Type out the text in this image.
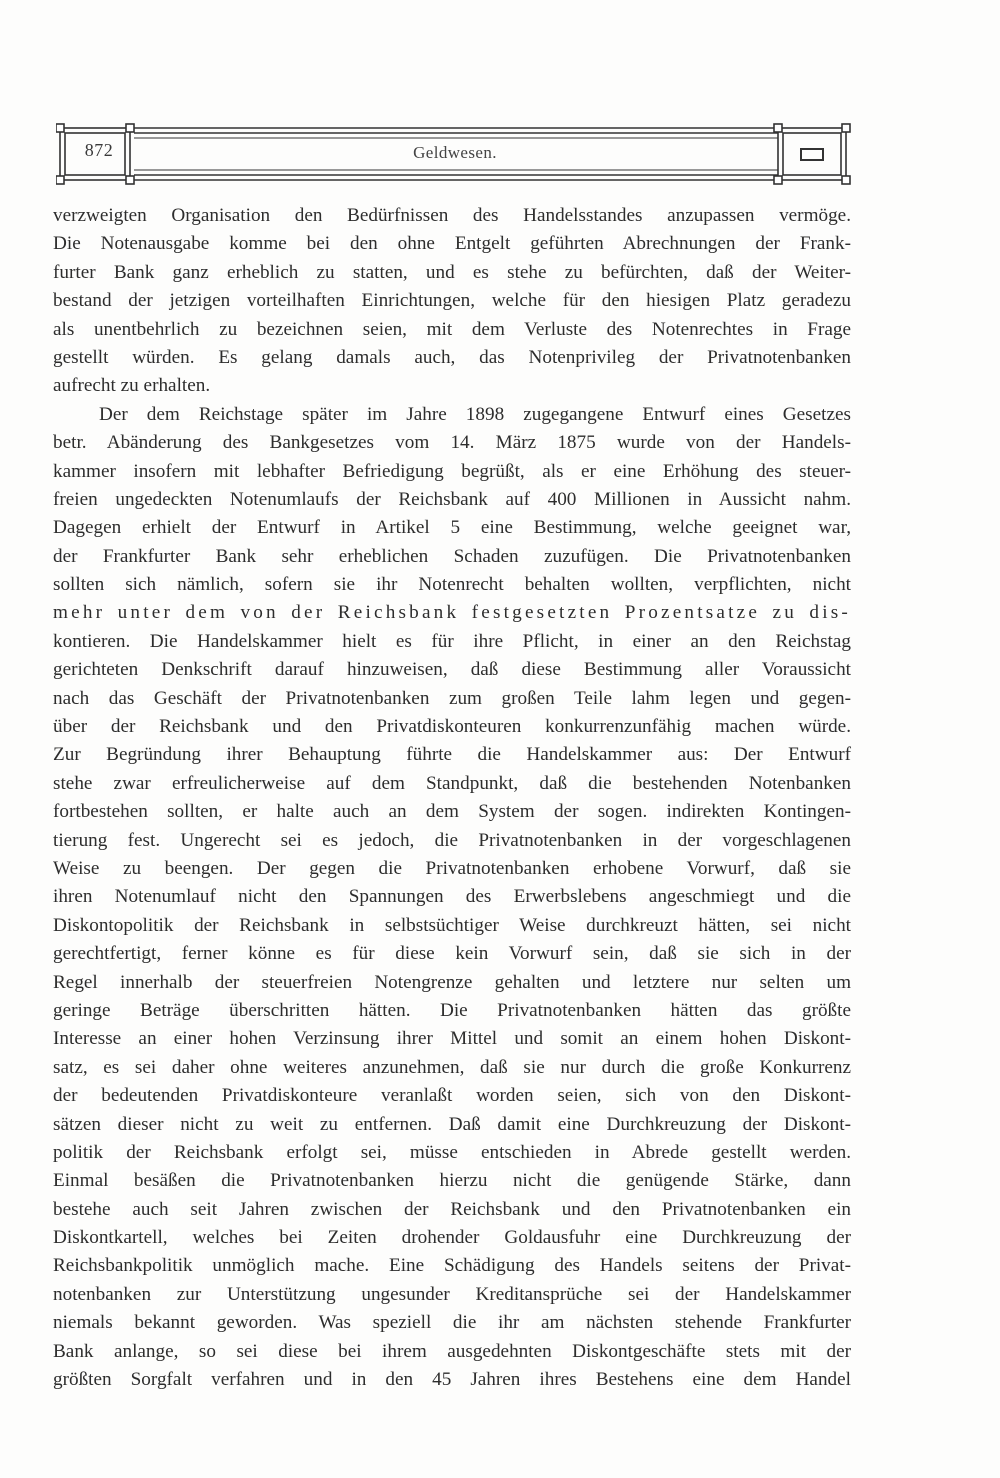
872	Geldwesen.
verzweigten Organisation den Bedürfnissen des Handelsstandes anzupassen vermöge.
Die Notenausgabe komme bei den ohne Entgelt geführten Abrechnungen der Frank-
furter Bank ganz erheblich zu statten, und es stehe zu befürchten, daß der Weiter-
bestand der jetzigen vorteilhaften Einrichtungen, welche für den hiesigen Platz geradezu
als unentbehrlich zu bezeichnen seien, mit dem Verluste des Notenrechtes in Frage
gestellt würden. Es gelang damals auch, das Notenprivileg der Privatnotenbanken
aufrecht zu erhalten.
Der dem Reichstage später im Jahre 1898 zugegangene Entwurf eines Gesetzes
betr. Abänderung des Bankgesetzes vom 14. März 1875 wurde von der Handels-
kammer insofern mit lebhafter Befriedigung begrüßt, als er eine Erhöhung des steuer-
freien ungedeckten Notenumlaufs der Reichsbank auf 400 Millionen in Aussicht nahm.
Dagegen erhielt der Entwurf in Artikel 5 eine Bestimmung, welche geeignet war,
der Frankfurter Bank sehr erheblichen Schaden zuzufügen. Die Privatnotenbanken
sollten sich nämlich, sofern sie ihr Notenrecht behalten wollten, verpflichten, nicht
mehr unter dem von der Reichsbank festgesetzten Prozentsatze zu dis-
kontieren. Die Handelskammer hielt es für ihre Pflicht, in einer an den Reichstag
gerichteten Denkschrift darauf hinzuweisen, daß diese Bestimmung aller Voraussicht
nach das Geschäft der Privatnotenbanken zum großen Teile lahm legen und gegen-
über der Reichsbank und den Privatdiskonteuren konkurrenzunfähig machen würde.
Zur Begründung ihrer Behauptung führte die Handelskammer aus: Der Entwurf
stehe zwar erfreulicherweise auf dem Standpunkt, daß die bestehenden Notenbanken
fortbestehen sollten, er halte auch an dem System der sogen. indirekten Kontingen-
tierung fest. Ungerecht sei es jedoch, die Privatnotenbanken in der vorgeschlagenen
Weise zu beengen. Der gegen die Privatnotenbanken erhobene Vorwurf, daß sie
ihren Notenumlauf nicht den Spannungen des Erwerbslebens angeschmiegt und die
Diskontopolitik der Reichsbank in selbstsüchtiger Weise durchkreuzt hätten, sei nicht
gerechtfertigt, ferner könne es für diese kein Vorwurf sein, daß sie sich in der
Regel innerhalb der steuerfreien Notengrenze gehalten und letztere nur selten um
geringe Beträge überschritten hätten. Die Privatnotenbanken hätten das größte
Interesse an einer hohen Verzinsung ihrer Mittel und somit an einem hohen Diskont-
satz, es sei daher ohne weiteres anzunehmen, daß sie nur durch die große Konkurrenz
der bedeutenden Privatdiskonteure veranlaßt worden seien, sich von den Diskont-
sätzen dieser nicht zu weit zu entfernen. Daß damit eine Durchkreuzung der Diskont-
politik der Reichsbank erfolgt sei, müsse entschieden in Abrede gestellt werden.
Einmal besäßen die Privatnotenbanken hierzu nicht die genügende Stärke, dann
bestehe auch seit Jahren zwischen der Reichsbank und den Privatnotenbanken ein
Diskontkartell, welches bei Zeiten drohender Goldausfuhr eine Durchkreuzung der
Reichsbankpolitik unmöglich mache. Eine Schädigung des Handels seitens der Privat-
notenbanken zur Unterstützung ungesunder Kreditansprüche sei der Handelskammer
niemals bekannt geworden. Was speziell die ihr am nächsten stehende Frankfurter
Bank anlange, so sei diese bei ihrem ausgedehnten Diskontgeschäfte stets mit der
größten Sorgfalt verfahren und in den 45 Jahren ihres Bestehens eine dem Handel
